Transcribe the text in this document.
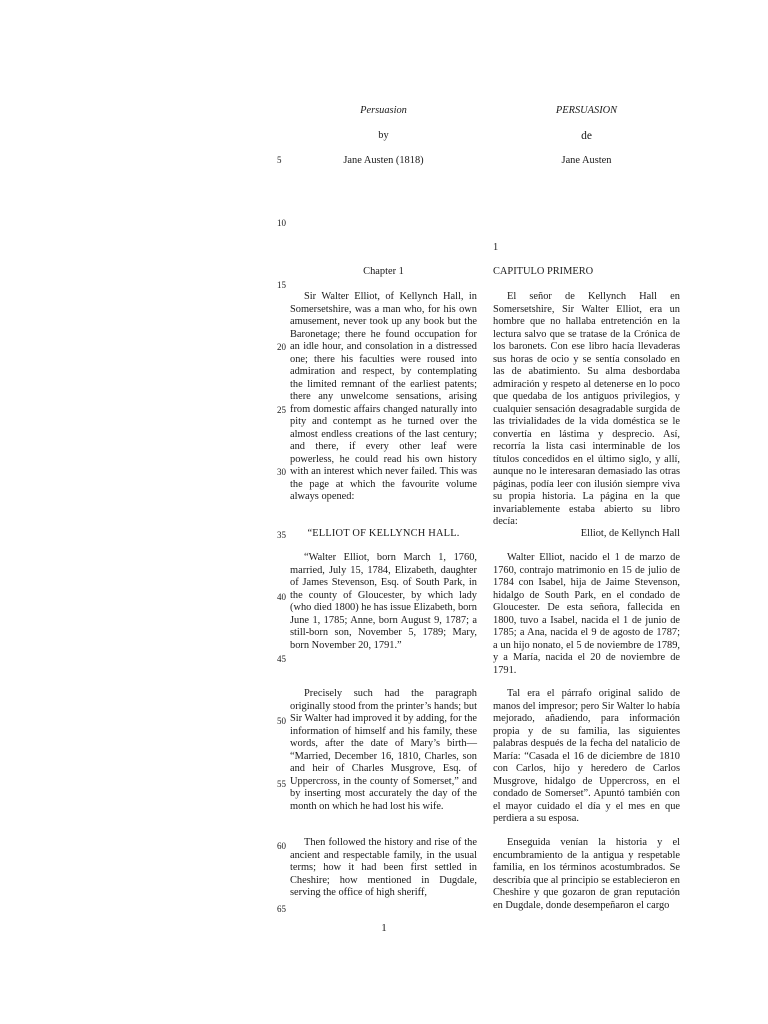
5
10
15
20
25
30
35
40
45
50
55
60
65
Persuasion
by
Jane Austen (1818)
Chapter 1

Sir Walter Elliot, of Kellynch Hall, in Somersetshire, was a man who, for his own amusement, never took up any book but the Baronetage; there he found occupation for an idle hour, and consolation in a distressed one; there his faculties were roused into admiration and respect, by contemplating the limited remnant of the earliest patents; there any unwelcome sensations, arising from domestic affairs changed naturally into pity and contempt as he turned over the almost endless creations of the last century; and there, if every other leaf were powerless, he could read his own history with an interest which never failed. This was the page at which the favourite volume always opened:

“ELLIOT OF KELLYNCH HALL.

“Walter Elliot, born March 1, 1760, married, July 15, 1784, Elizabeth, daughter of James Stevenson, Esq. of South Park, in the county of Gloucester, by which lady (who died 1800) he has issue Elizabeth, born June 1, 1785; Anne, born August 9, 1787; a still-born son, November 5, 1789; Mary, born November 20, 1791.”

Precisely such had the paragraph originally stood from the printer’s hands; but Sir Walter had improved it by adding, for the information of himself and his family, these words, after the date of Mary’s birth— “Married, December 16, 1810, Charles, son and heir of Charles Musgrove, Esq. of Uppercross, in the county of Somerset,” and by inserting most accurately the day of the month on which he had lost his wife.

Then followed the history and rise of the ancient and respectable family, in the usual terms; how it had been first settled in Cheshire; how mentioned in Dugdale, serving the office of high sheriff,

PERSUASION
de
Jane Austen
1
CAPITULO PRIMERO

El señor de Kellynch Hall en Somersetshire, Sir Walter Elliot, era un hombre que no hallaba entretención en la lectura salvo que se tratase de la Crónica de los baronets. Con ese libro hacía llevaderas sus horas de ocio y se sentía consolado en las de abatimiento. Su alma desbordaba admiración y respeto al detenerse en lo poco que quedaba de los antiguos privilegios, y cualquier sensación desagradable surgida de las trivialidades de la vida doméstica se le convertía en lástima y desprecio. Así, recorría la lista casi interminable de los títulos concedidos en el último siglo, y allí, aunque no le interesaran demasiado las otras páginas, podía leer con ilusión siempre viva su propia historia. La página en la que invariablemente estaba abierto su libro decía:

Elliot, de Kellynch Hall

Walter Elliot, nacido el 1 de marzo de 1760, contrajo matrimonio en 15 de julio de 1784 con Isabel, hija de Jaime Stevenson, hidalgo de South Park, en el condado de Gloucester. De esta señora, fallecida en 1800, tuvo a Isabel, nacida el 1 de junio de 1785; a Ana, nacida el 9 de agosto de 1787; a un hijo nonato, el 5 de noviembre de 1789, y a María, nacida el 20 de noviembre de 1791.

Tal era el párrafo original salido de manos del impresor; pero Sir Walter lo había mejorado, añadiendo, para información propia y de su familia, las siguientes palabras después de la fecha del natalicio de María: “Casada el 16 de diciembre de 1810 con Carlos, hijo y heredero de Carlos Musgrove, hidalgo de Uppercross, en el condado de Somerset”. Apuntó también con el mayor cuidado el día y el mes en que perdiera a su esposa.

Enseguida venían la historia y el encumbramiento de la antigua y respetable familia, en los términos acostumbrados. Se describía que al principio se establecieron en Cheshire y que gozaron de gran reputación en Dugdale, donde desempeñaron el cargo

1
